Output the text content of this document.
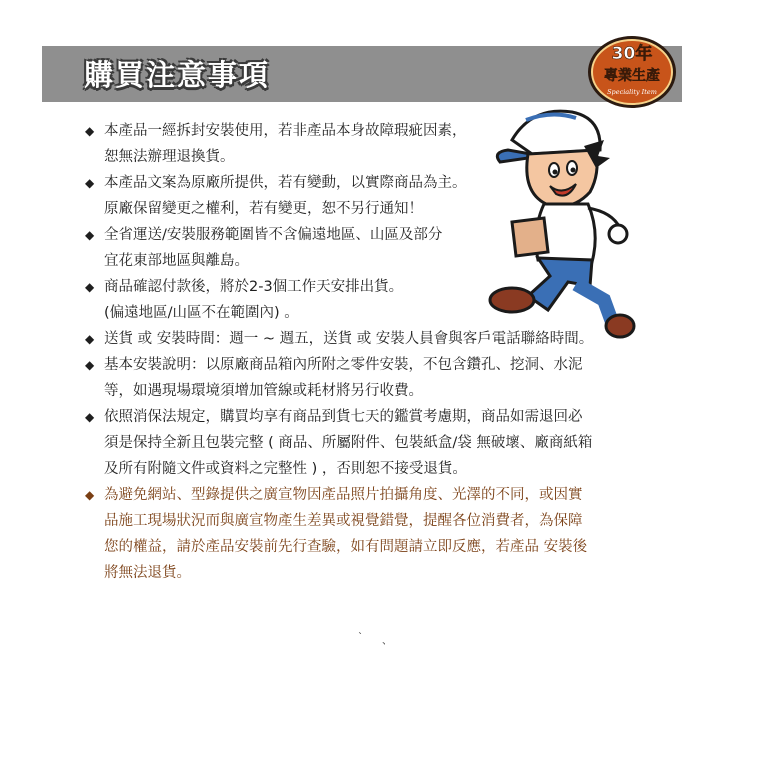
購買注意事項
30年
專業生產
Speciality Item
◆ 本產品一經拆封安裝使用，若非產品本身故障瑕疵因素，
恕無法辦理退換貨。
◆ 本產品文案為原廠所提供，若有變動，以實際商品為主。
原廠保留變更之權利，若有變更，恕不另行通知！
◆ 全省運送/安裝服務範圍皆不含偏遠地區、山區及部分
宜花東部地區與離島。
◆ 商品確認付款後，將於2-3個工作天安排出貨。
(偏遠地區/山區不在範圍內) 。
◆ 送貨 或 安裝時間：週一 ~ 週五，送貨 或 安裝人員會與客戶電話聯絡時間。
◆ 基本安裝說明：以原廠商品箱內所附之零件安裝，不包含鑽孔、挖洞、水泥
等，如遇現場環境須增加管線或耗材將另行收費。
◆ 依照消保法規定，購買均享有商品到貨七天的鑑賞考慮期，商品如需退回必
須是保持全新且包裝完整 ( 商品、所屬附件、包裝紙盒/袋 無破壞、廠商紙箱
及所有附隨文件或資料之完整性 ) ，否則恕不接受退貨。
◆ 為避免網站、型錄提供之廣宣物因產品照片拍攝角度、光澤的不同，或因實
品施工現場狀況而與廣宣物產生差異或視覺錯覺，提醒各位消費者，為保障
您的權益，請於產品安裝前先行查驗，如有問題請立即反應，若產品 安裝後
將無法退貨。
` 、
